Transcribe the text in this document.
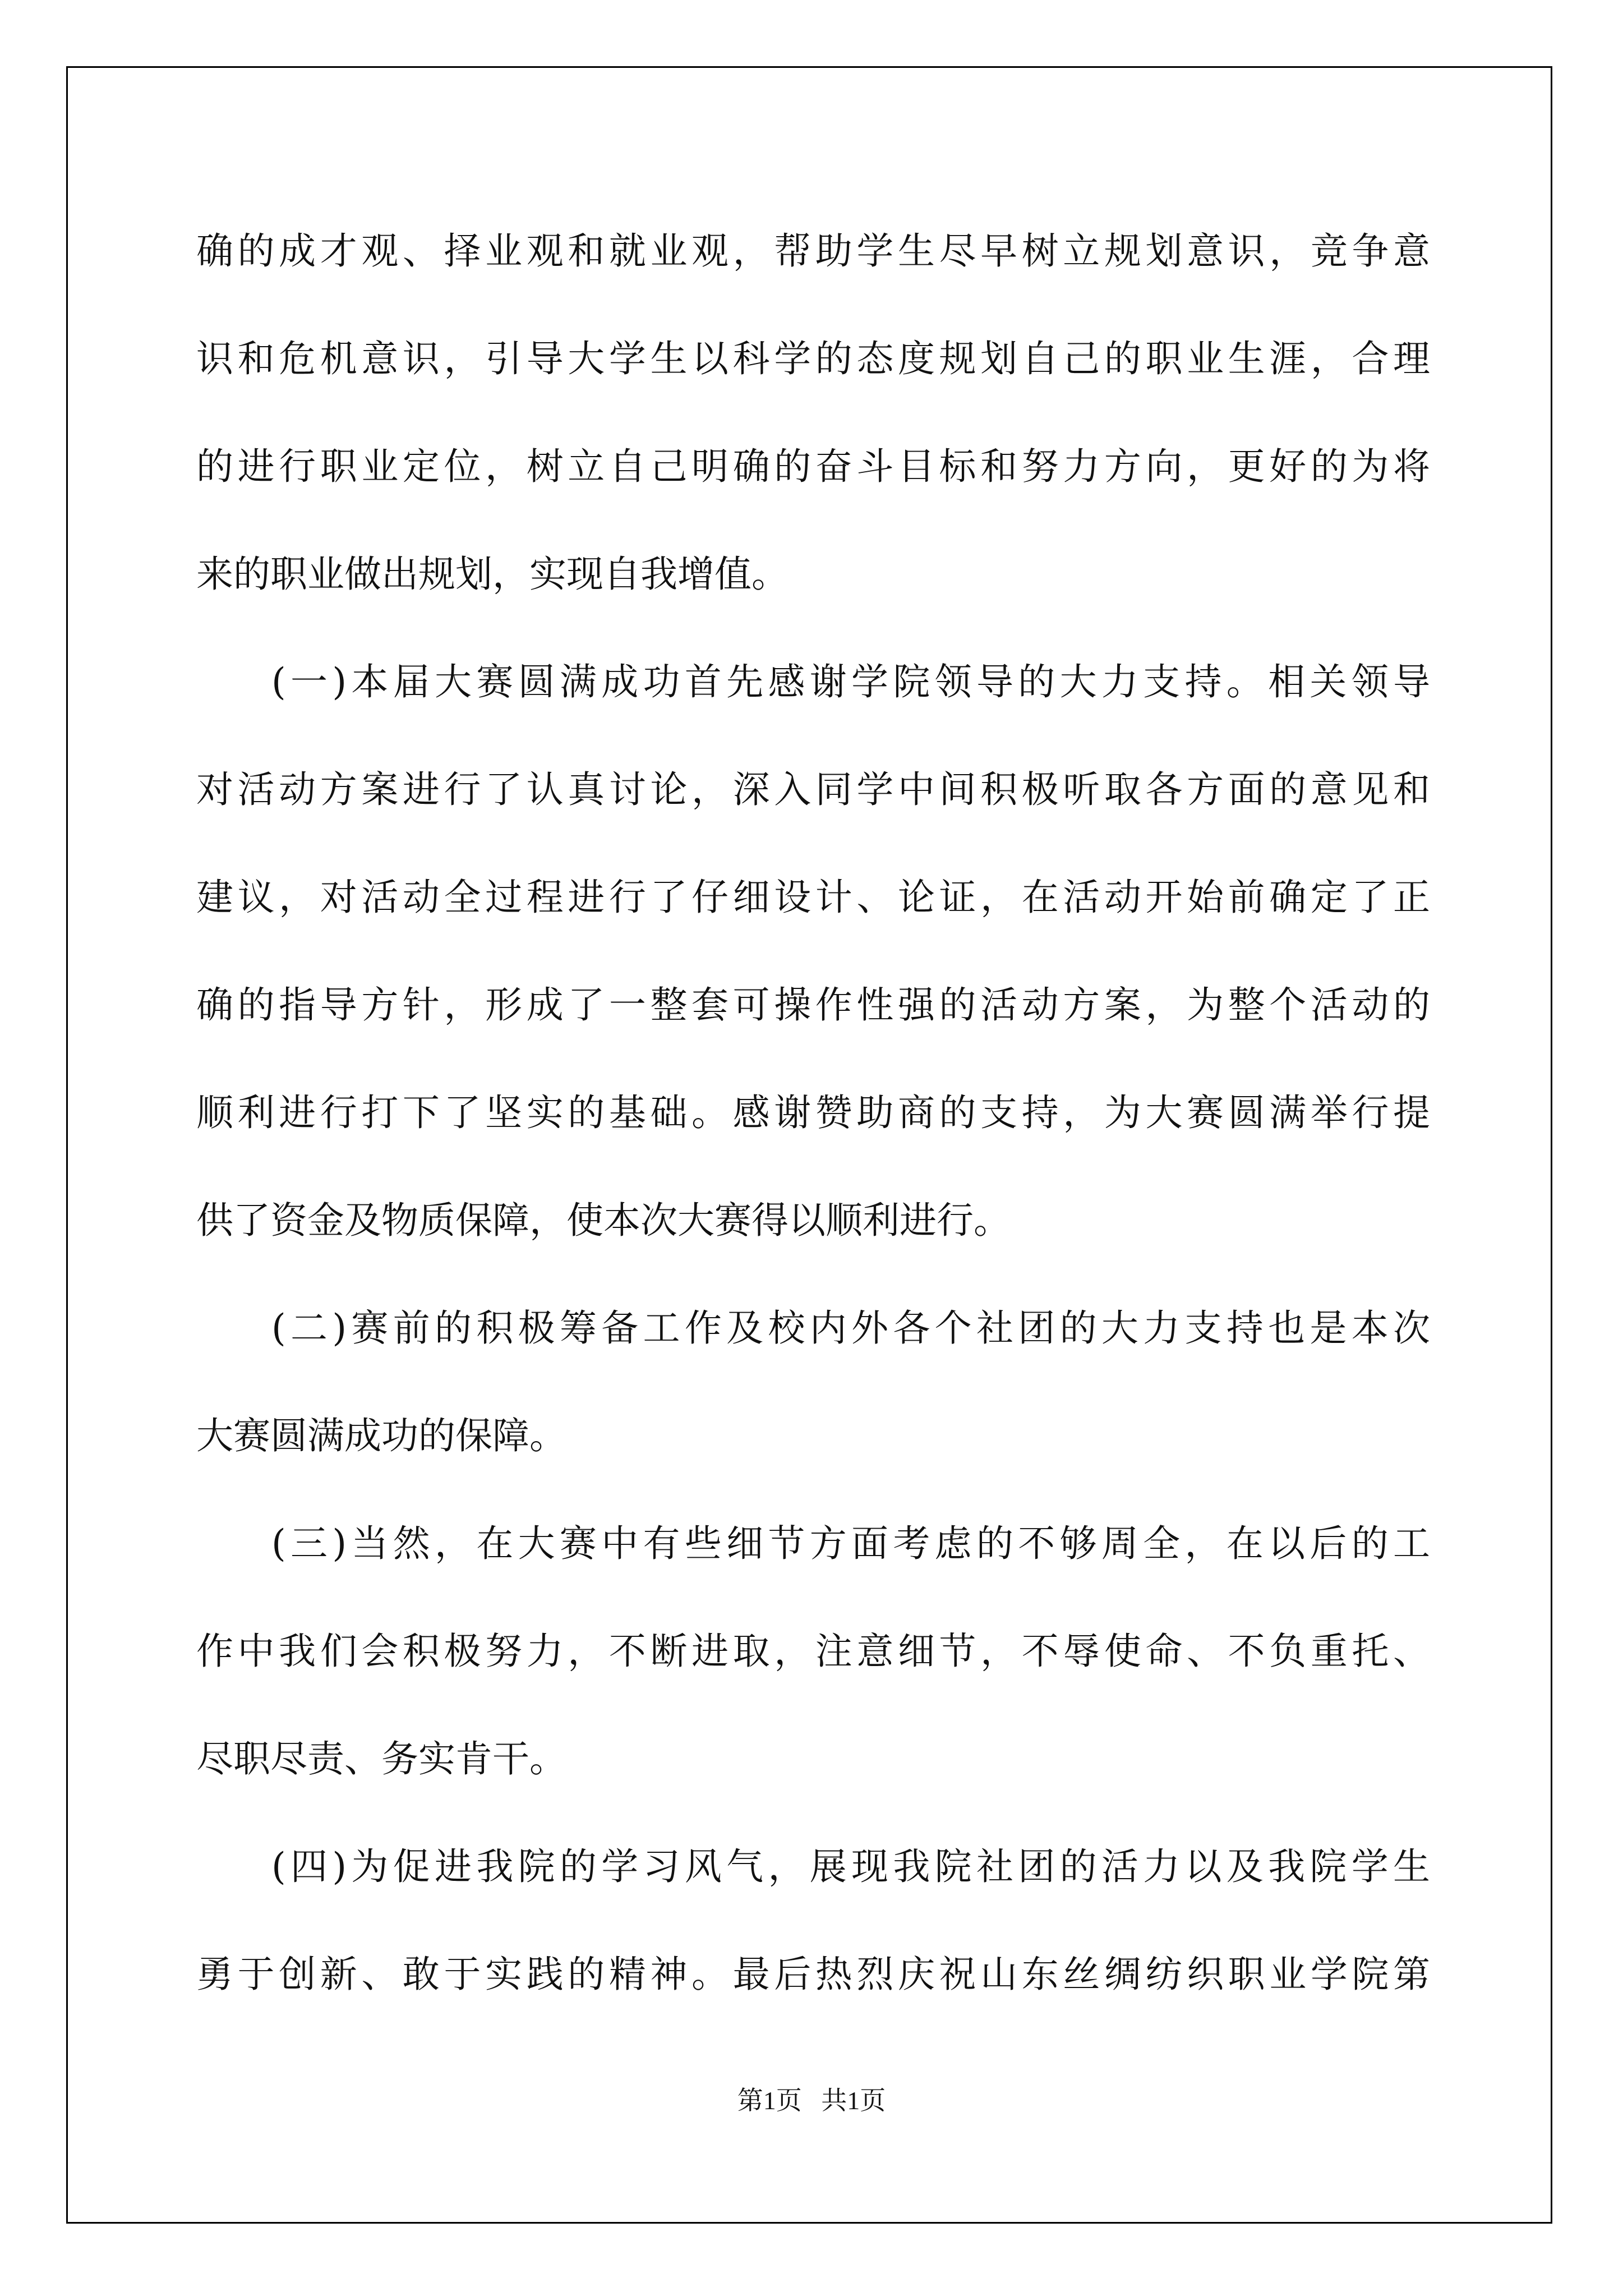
确的成才观、择业观和就业观，帮助学生尽早树立规划意识，竞争意
识和危机意识，引导大学生以科学的态度规划自己的职业生涯，合理
的进行职业定位，树立自己明确的奋斗目标和努力方向，更好的为将
来的职业做出规划，实现自我增值。
(一)本届大赛圆满成功首先感谢学院领导的大力支持。相关领导
对活动方案进行了认真讨论，深入同学中间积极听取各方面的意见和
建议，对活动全过程进行了仔细设计、论证，在活动开始前确定了正
确的指导方针，形成了一整套可操作性强的活动方案，为整个活动的
顺利进行打下了坚实的基础。感谢赞助商的支持，为大赛圆满举行提
供了资金及物质保障，使本次大赛得以顺利进行。
(二)赛前的积极筹备工作及校内外各个社团的大力支持也是本次
大赛圆满成功的保障。
(三)当然，在大赛中有些细节方面考虑的不够周全，在以后的工
作中我们会积极努力，不断进取，注意细节，不辱使命、不负重托、
尽职尽责、务实肯干。
(四)为促进我院的学习风气，展现我院社团的活力以及我院学生
勇于创新、敢于实践的精神。最后热烈庆祝山东丝绸纺织职业学院第
第1页   共1页
